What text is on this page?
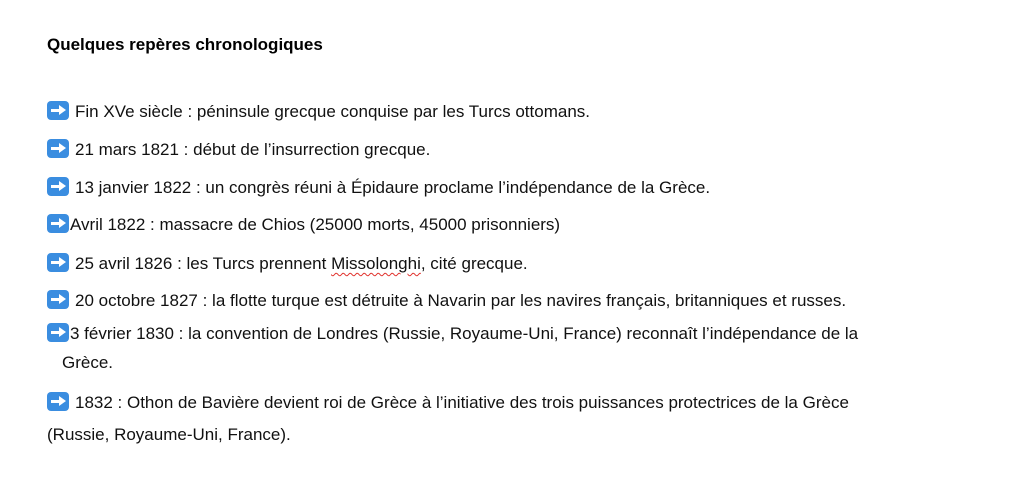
Quelques repères chronologiques
Fin XVe siècle : péninsule grecque conquise par les Turcs ottomans.
21 mars 1821 : début de l’insurrection grecque.
13 janvier 1822 : un congrès réuni à Épidaure proclame l’indépendance de la Grèce.
Avril 1822 : massacre de Chios (25000 morts, 45000 prisonniers)
25 avril 1826 : les Turcs prennent Missolonghi, cité grecque.
20 octobre 1827 : la flotte turque est détruite à Navarin par les navires français, britanniques et russes.
3 février 1830 : la convention de Londres (Russie, Royaume-Uni, France) reconnaît l’indépendance de la
Grèce.
1832 : Othon de Bavière devient roi de Grèce à l’initiative des trois puissances protectrices de la Grèce
(Russie, Royaume-Uni, France).
